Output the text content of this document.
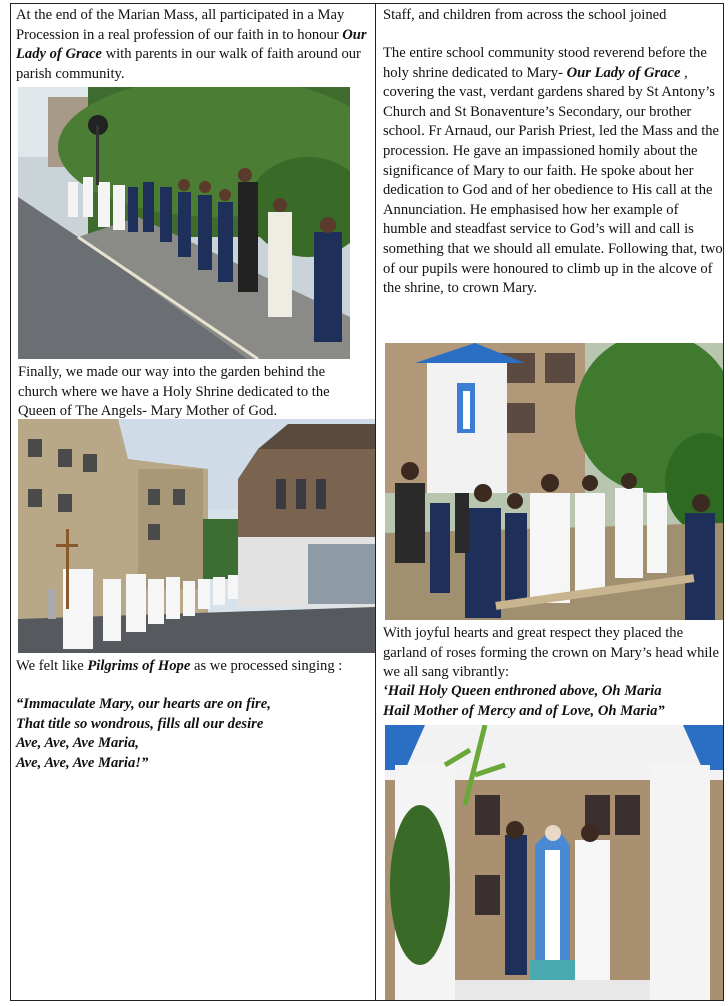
At the end of the Marian Mass, all participated in a May Procession in a real profession of our faith in to honour Our Lady of Grace with parents in our walk of faith around our parish community.

Finally, we made our way into the garden behind the church where we have a Holy Shrine dedicated to the Queen of The Angels- Mary Mother of God.

We felt like Pilgrims of Hope as we processed singing :

“Immaculate Mary, our hearts are on fire,
That title so wondrous, fills all our desire
Ave, Ave, Ave Maria,
Ave, Ave, Ave Maria!”

Staff, and children from across the school joined

The entire school community stood reverend before the holy shrine dedicated to Mary- Our Lady of Grace , covering the vast, verdant gardens shared by St Antony’s Church and St Bonaventure’s Secondary, our brother school. Fr Arnaud, our Parish Priest, led the Mass and the procession. He gave an impassioned homily about the significance of Mary to our faith. He spoke about her dedication to God and of her obedience to His call at the Annunciation. He emphasised how her example of humble and steadfast service to God’s will and call is something that we should all emulate. Following that, two of our pupils were honoured to climb up in the alcove of the shrine, to crown Mary.

With joyful hearts and great respect they placed the garland of roses forming the crown on Mary’s head while we all sang vibrantly:

‘Hail Holy Queen enthroned above, Oh Maria
Hail Mother of Mercy and of Love, Oh Maria”
